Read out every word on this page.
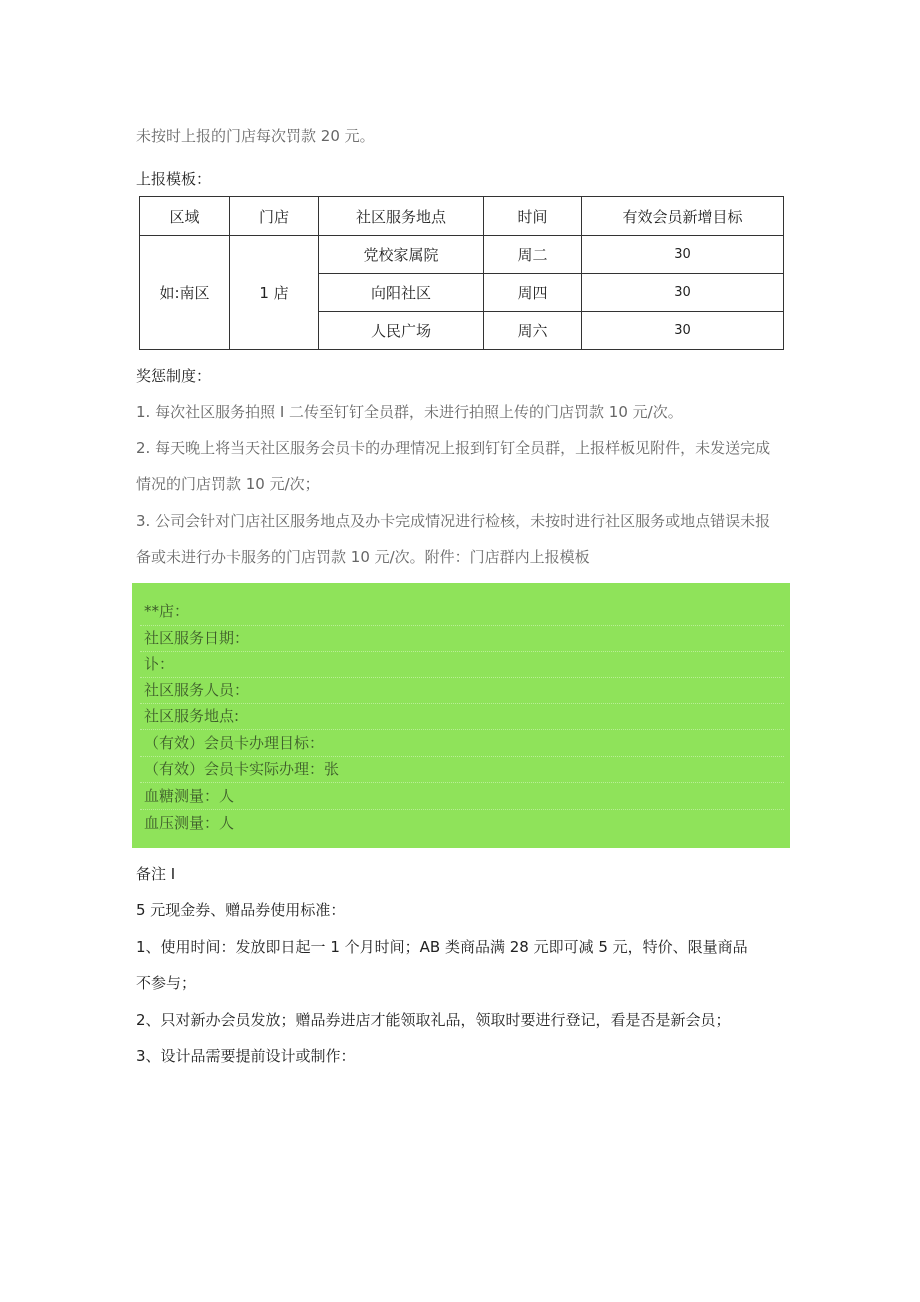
未按时上报的门店每次罚款 20 元。
上报模板：
区域	门店	社区服务地点	时间	有效会员新增目标
如:南区	1 店	党校家属院	周二	30
		向阳社区	周四	30
		人民广场	周六	30
奖惩制度：
1. 每次社区服务拍照 I 二传至钉钉全员群，未进行拍照上传的门店罚款 10 元/次。
2. 每天晚上将当天社区服务会员卡的办理情况上报到钉钉全员群，上报样板见附件，未发送完成
情况的门店罚款 10 元/次；
3. 公司会针对门店社区服务地点及办卡完成情况进行检核，未按时进行社区服务或地点错误未报
备或未进行办卡服务的门店罚款 10 元/次。附件：门店群内上报模板
**店：
社区服务日期：
讣：
社区服务人员：
社区服务地点:
（有效）会员卡办理目标：
（有效）会员卡实际办理：张
血糖测量：人
血压测量：人
备注 I
5 元现金券、赠品券使用标准：
1、使用时间：发放即日起一 1 个月时间；AB 类商品满 28 元即可减 5 元，特价、限量商品
不参与；
2、只对新办会员发放；赠品券进店才能领取礼品，领取时要进行登记，看是否是新会员；
3、设计品需要提前设计或制作：
